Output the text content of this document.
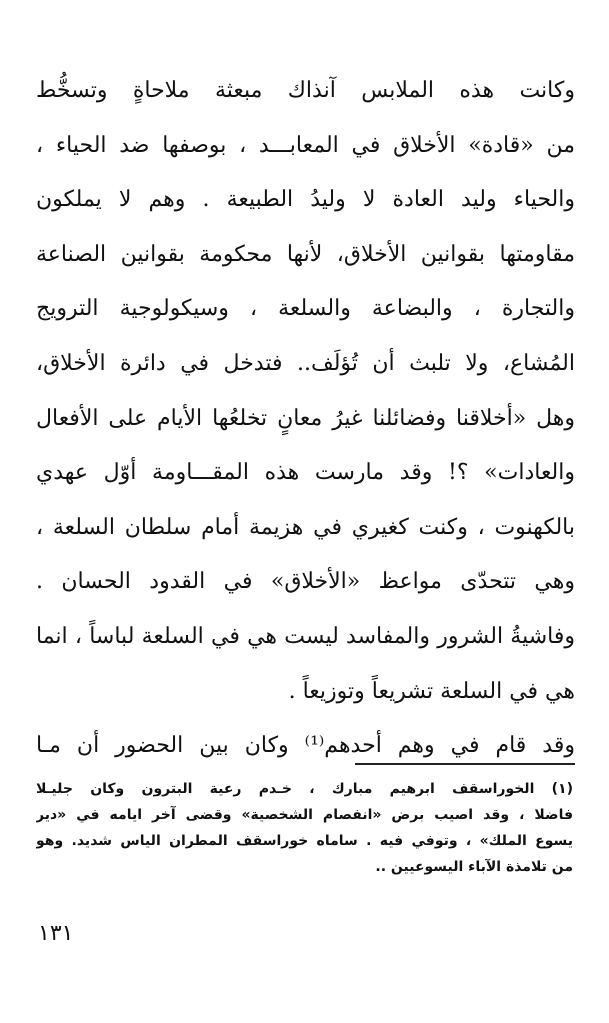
وكانت هذه الملابس آنذاك مبعثة ملاحاةٍ وتسخُّط
من «قادة» الأخلاق في المعابـــد ، بوصفها ضد الحياء ،
والحياء وليد العادة لا وليدُ الطبيعة . وهم لا يملكون
مقاومتها بقوانين الأخلاق، لأنها محكومة بقوانين الصناعة
والتجارة ، والبضاعة والسلعة ، وسيكولوجية الترويج
المُشاع، ولا تلبث أن تُؤلَف.. فتدخل في دائرة الأخلاق،
وهل «أخلاقنا وفضائلنا غيرُ معانٍ تخلعُها الأيام على الأفعال
والعادات» ؟! وقد مارست هذه المقـــاومة أوّل عهدي
بالكهنوت ، وكنت كغيري في هزيمة أمام سلطان السلعة ،
وهي تتحدّى مواعظ «الأخلاق» في القدود الحسان .
وفاشيةُ الشرور والمفاسد ليست هي في السلعة لباساً ، انما
هي في السلعة تشريعاً وتوزيعاً .
وقد قام في وهم أحدهم⁽¹⁾ وكان بين الحضور أن مـا
(١) الخوراسقف ابرهيم مبارك ، خـدم رعية البترون وكان جليـلا
فاضلا ، وقد اصيب برض «انفصام الشخصية» وقضى آخر ايامه في «دير
يسوع الملك» ، وتوفي فيه . ساماه خوراسقف المطران الياس شديد. وهو
من تلامذة الآباء اليسوعيين ..
١٣١
